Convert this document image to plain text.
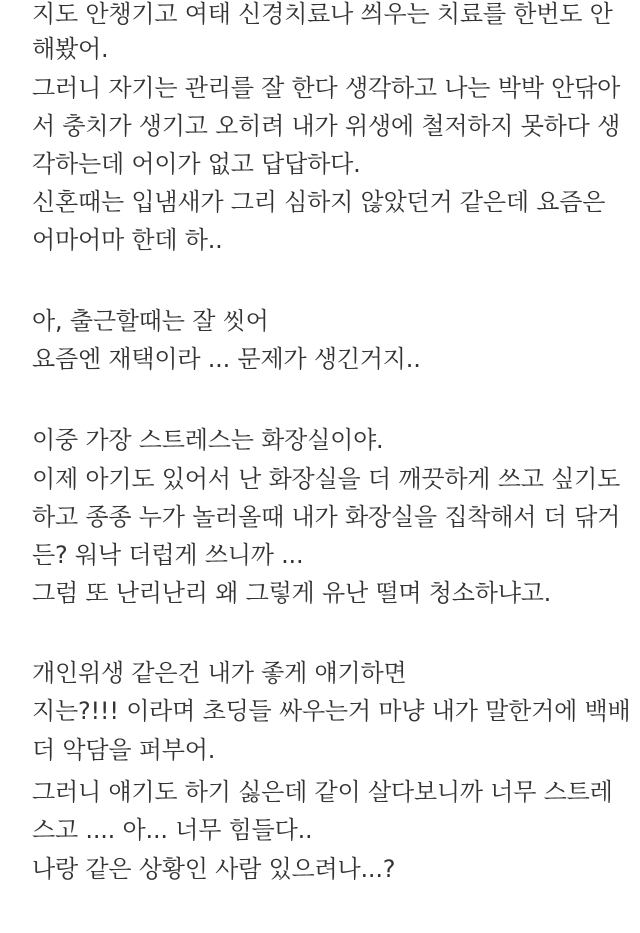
지도 안챙기고 여태 신경치료나 씌우는 치료를 한번도 안
해봤어.
그러니 자기는 관리를 잘 한다 생각하고 나는 박박 안닦아
서 충치가 생기고 오히려 내가 위생에 철저하지 못하다 생
각하는데 어이가 없고 답답하다.
신혼때는 입냄새가 그리 심하지 않았던거 같은데 요즘은
어마어마 한데 하..
아, 출근할때는 잘 씻어
요즘엔 재택이라 ... 문제가 생긴거지..
이중 가장 스트레스는 화장실이야.
이제 아기도 있어서 난 화장실을 더 깨끗하게 쓰고 싶기도
하고 종종 누가 놀러올때 내가 화장실을 집착해서 더 닦거
든? 워낙 더럽게 쓰니까 ...
그럼 또 난리난리 왜 그렇게 유난 떨며 청소하냐고.
개인위생 같은건 내가 좋게 얘기하면
지는?!!! 이라며 초딩들 싸우는거 마냥 내가 말한거에 백배
더 악담을 퍼부어.
그러니 얘기도 하기 싫은데 같이 살다보니까 너무 스트레
스고 .... 아... 너무 힘들다..
나랑 같은 상황인 사람 있으려나...?
